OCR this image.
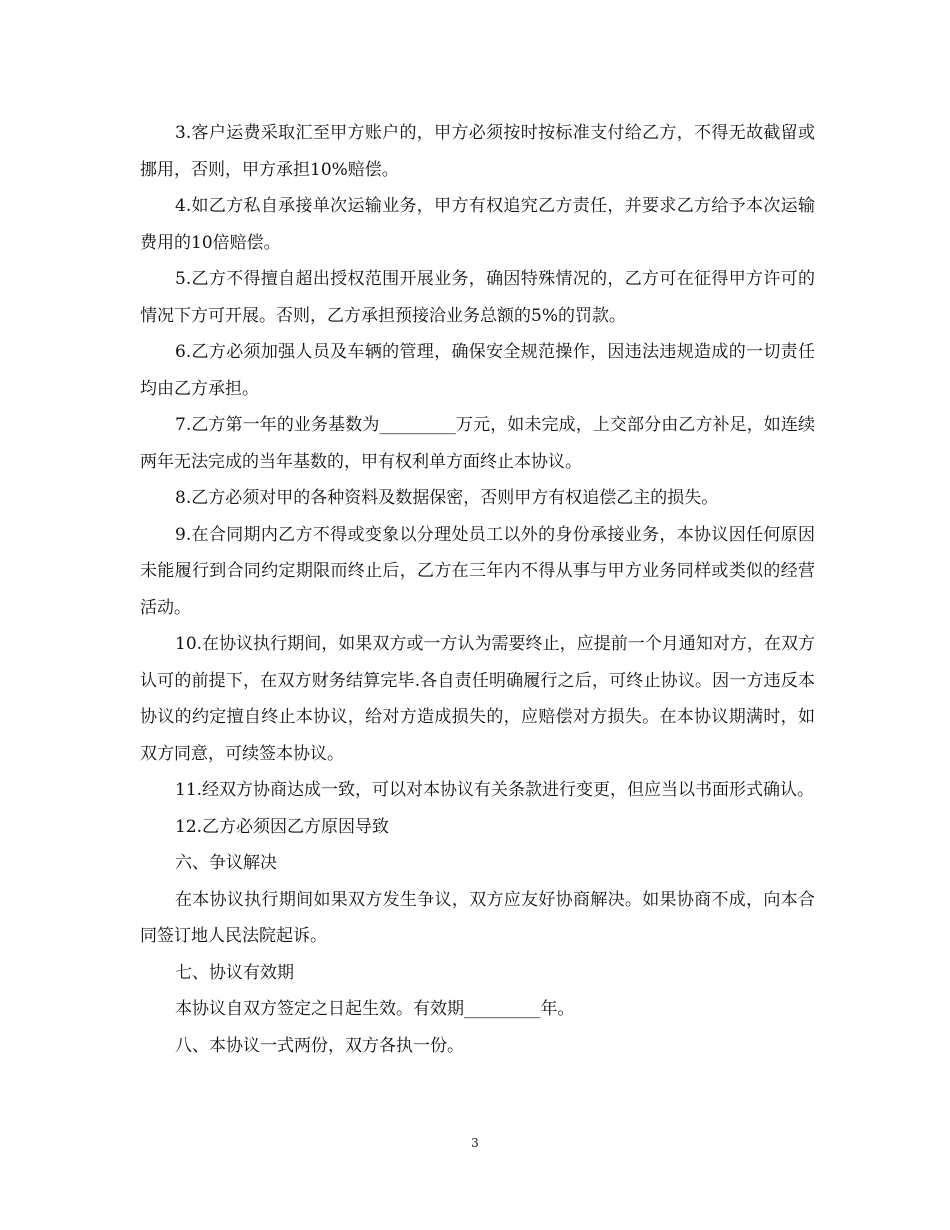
3.客户运费采取汇至甲方账户的，甲方必须按时按标准支付给乙方，不得无故截留或挪用，否则，甲方承担10%赔偿。

4.如乙方私自承接单次运输业务，甲方有权追究乙方责任，并要求乙方给予本次运输费用的10倍赔偿。

5.乙方不得擅自超出授权范围开展业务，确因特殊情况的，乙方可在征得甲方许可的情况下方可开展。否则，乙方承担预接洽业务总额的5%的罚款。

6.乙方必须加强人员及车辆的管理，确保安全规范操作，因违法违规造成的一切责任均由乙方承担。

7.乙方第一年的业务基数为_________万元，如未完成，上交部分由乙方补足，如连续两年无法完成的当年基数的，甲有权利单方面终止本协议。

8.乙方必须对甲的各种资料及数据保密，否则甲方有权追偿乙主的损失。

9.在合同期内乙方不得或变象以分理处员工以外的身份承接业务，本协议因任何原因未能履行到合同约定期限而终止后，乙方在三年内不得从事与甲方业务同样或类似的经营活动。

10.在协议执行期间，如果双方或一方认为需要终止，应提前一个月通知对方，在双方认可的前提下，在双方财务结算完毕.各自责任明确履行之后，可终止协议。因一方违反本协议的约定擅自终止本协议，给对方造成损失的，应赔偿对方损失。在本协议期满时，如双方同意，可续签本协议。

11.经双方协商达成一致，可以对本协议有关条款进行变更，但应当以书面形式确认。

12.乙方必须因乙方原因导致

六、争议解决

在本协议执行期间如果双方发生争议，双方应友好协商解决。如果协商不成，向本合同签订地人民法院起诉。

七、协议有效期

本协议自双方签定之日起生效。有效期_________年。

八、本协议一式两份，双方各执一份。

3
